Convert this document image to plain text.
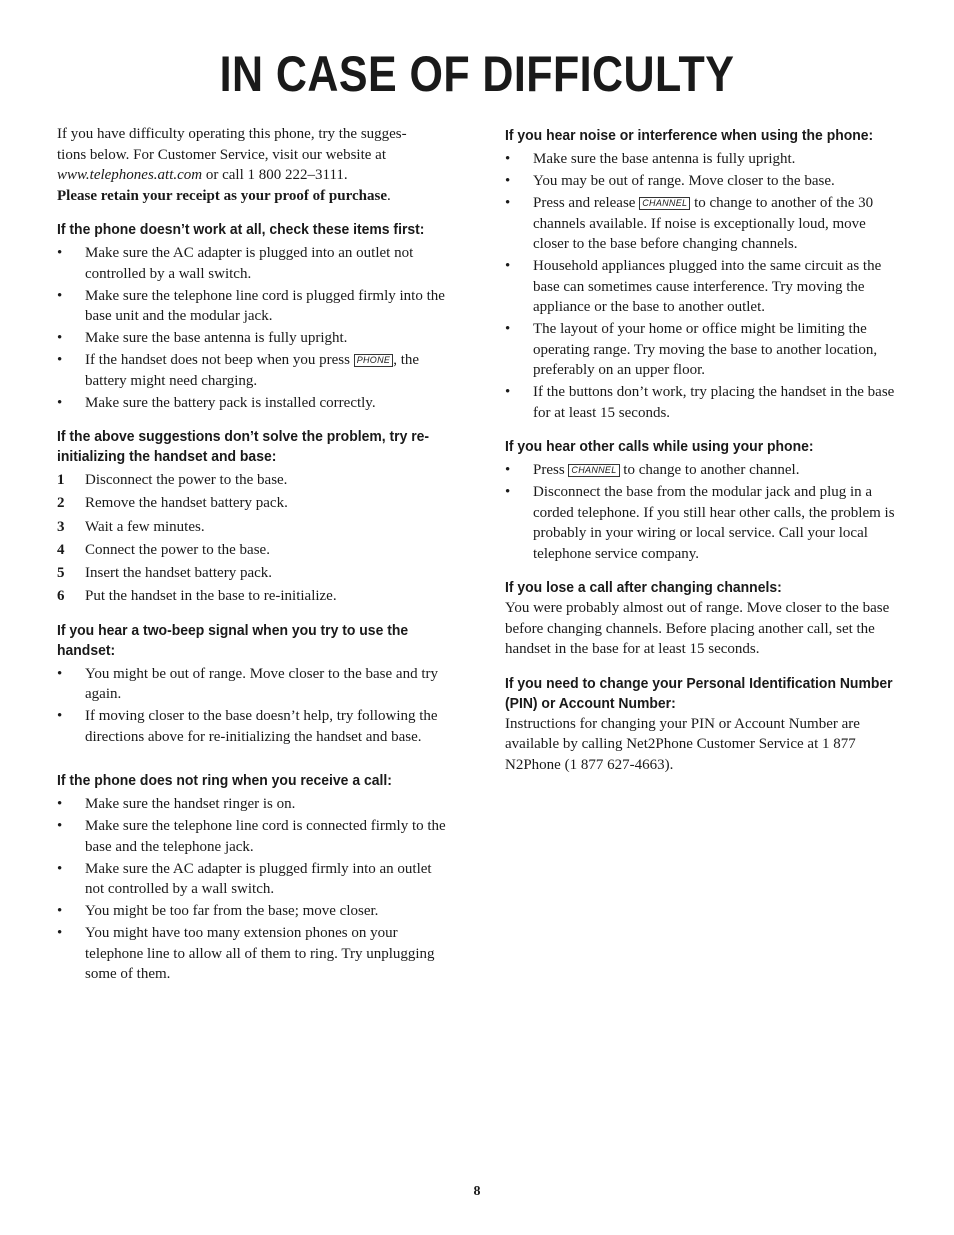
IN CASE OF DIFFICULTY

If you have difficulty operating this phone, try the sugges-
tions below. For Customer Service, visit our website at
www.telephones.att.com or call 1 800 222–3111.
Please retain your receipt as your proof of purchase.

If the phone doesn’t work at all, check these items first:
• Make sure the AC adapter is plugged into an outlet not controlled by a wall switch.
• Make sure the telephone line cord is plugged firmly into the base unit and the modular jack.
• Make sure the base antenna is fully upright.
• If the handset does not beep when you press PHONE , the battery might need charging.
• Make sure the battery pack is installed correctly.
If the above suggestions don’t solve the problem, try re-initializing the handset and base:
1 Disconnect the power to the base.
2 Remove the handset battery pack.
3 Wait a few minutes.
4 Connect the power to the base.
5 Insert the handset battery pack.
6 Put the handset in the base to re-initialize.
If you hear a two-beep signal when you try to use the handset:
• You might be out of range. Move closer to the base and try again.
• If moving closer to the base doesn’t help, try following the directions above for re-initializing the handset and base.
If the phone does not ring when you receive a call:
• Make sure the handset ringer is on.
• Make sure the telephone line cord is connected firmly to the base and the telephone jack.
• Make sure the AC adapter is plugged firmly into an outlet not controlled by a wall switch.
• You might be too far from the base; move closer.
• You might have too many extension phones on your telephone line to allow all of them to ring. Try unplugging some of them.
If you hear noise or interference when using the phone:
• Make sure the base antenna is fully upright.
• You may be out of range. Move closer to the base.
• Press and release CHANNEL to change to another of the 30 channels available. If noise is exceptionally loud, move closer to the base before changing channels.
• Household appliances plugged into the same circuit as the base can sometimes cause interference. Try moving the appliance or the base to another outlet.
• The layout of your home or office might be limiting the operating range. Try moving the base to another location, preferably on an upper floor.
• If the buttons don’t work, try placing the handset in the base for at least 15 seconds.
If you hear other calls while using your phone:
• Press CHANNEL to change to another channel.
• Disconnect the base from the modular jack and plug in a corded telephone. If you still hear other calls, the problem is probably in your wiring or local service. Call your local telephone service company.
If you lose a call after changing channels:

You were probably almost out of range. Move closer to the base before changing channels. Before placing another call, set the handset in the base for at least 15 seconds.

If you need to change your Personal Identification Number (PIN) or Account Number:

Instructions for changing your PIN or Account Number are available by calling Net2Phone Customer Service at 1 877 N2Phone (1 877 627-4663).

8
